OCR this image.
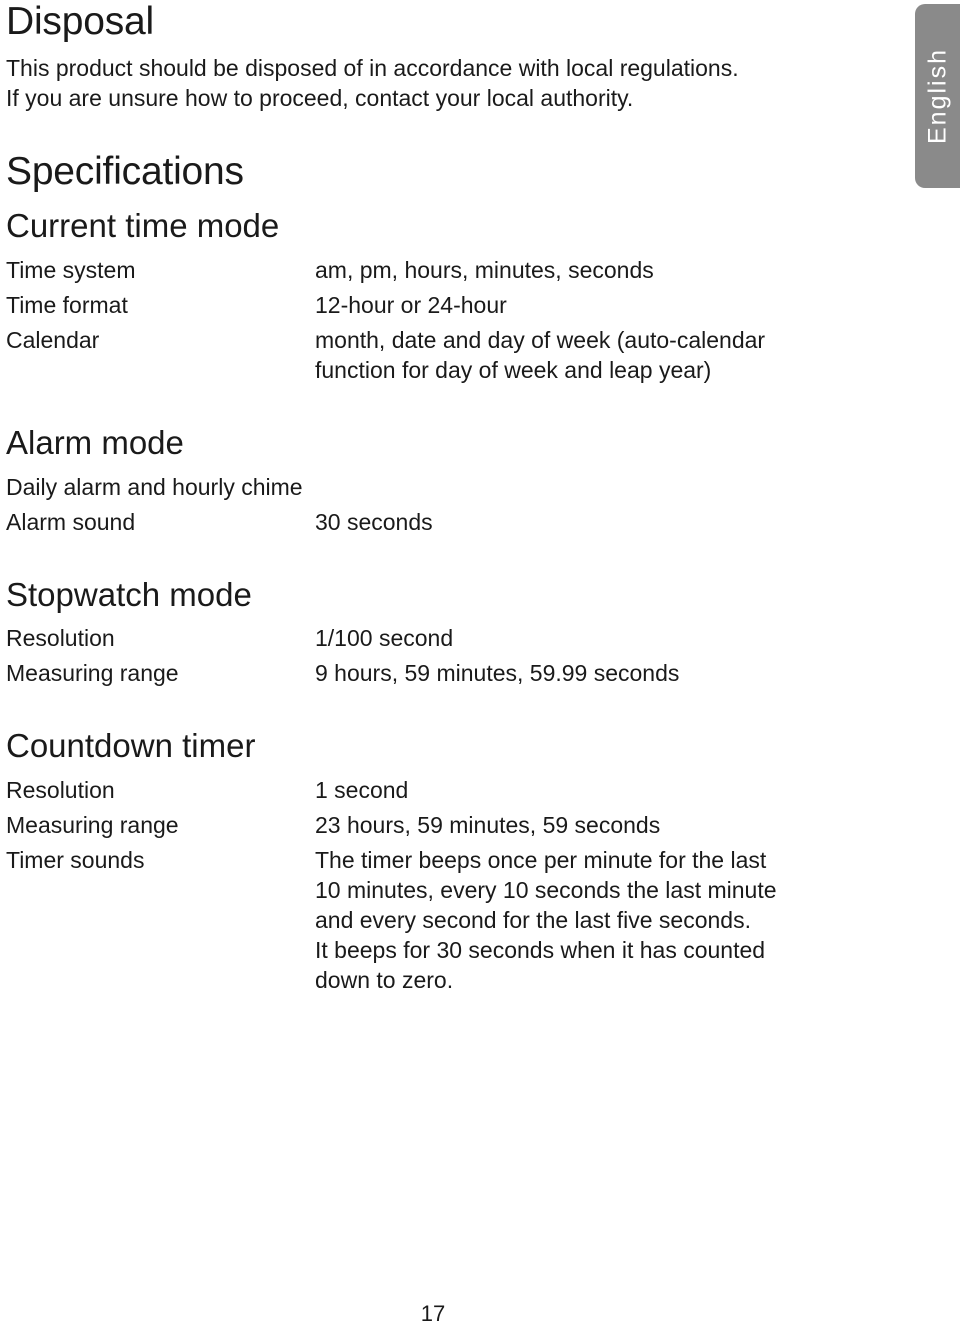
English
Disposal

This product should be disposed of in accordance with local regulations.

If you are unsure how to proceed, contact your local authority.

Specifications
Current time mode
Time system	am, pm, hours, minutes, seconds
Time format	12-hour or 24-hour
Calendar	month, date and day of week (auto-calendar
function for day of week and leap year)
Alarm mode

Daily alarm and hourly chime

Alarm sound	30 seconds
Stopwatch mode
Resolution	1/100 second
Measuring range	9 hours, 59 minutes, 59.99 seconds
Countdown timer
Resolution	1 second
Measuring range	23 hours, 59 minutes, 59 seconds
Timer sounds	The timer beeps once per minute for the last
10 minutes, every 10 seconds the last minute
and every second for the last five seconds.
It beeps for 30 seconds when it has counted
down to zero.
17
